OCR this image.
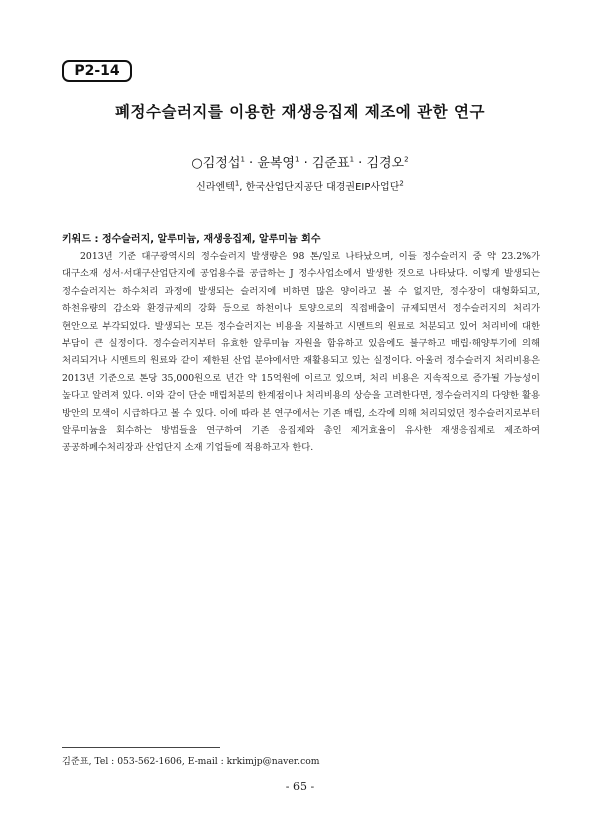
P2-14
폐정수슬러지를 이용한 재생응집제 제조에 관한 연구
○김정섭$^1$ · 윤복영$^1$ · 김준표$^1$ · 김경오$^2$
신라엔텍$^1$, 한국산업단지공단 대경권EIP사업단$^2$
키워드 : 정수슬러지, 알루미늄, 재생응집제, 알루미늄 회수

2013년 기준 대구광역시의 정수슬러지 발생량은 98 톤/일로 나타났으며, 이들 정수슬러지 중 약 23.2%가 대구소재 성서·서대구산업단지에 공업용수를 공급하는 J 정수사업소에서 발생한 것으로 나타났다. 이렇게 발생되는 정수슬러지는 하수처리 과정에 발생되는 슬러지에 비하면 많은 양이라고 볼 수 없지만, 정수장이 대형화되고, 하천유량의 감소와 환경규제의 강화 등으로 하천이나 토양으로의 직접배출이 규제되면서 정수슬러지의 처리가 현안으로 부각되었다. 발생되는 모든 정수슬러지는 비용을 지불하고 시멘트의 원료로 처분되고 있어 처리비에 대한 부담이 큰 실정이다. 정수슬러지부터 유효한 알루미늄 자원을 함유하고 있음에도 불구하고 매립·해양투기에 의해 처리되거나 시멘트의 원료와 같이 제한된 산업 분야에서만 재활용되고 있는 실정이다. 아울러 정수슬러지 처리비용은 2013년 기준으로 톤당 35,000원으로 년간 약 15억원에 이르고 있으며, 처리 비용은 지속적으로 증가될 가능성이 높다고 알려져 있다. 이와 같이 단순 매립처분의 한계점이나 처리비용의 상승을 고려한다면, 정수슬러지의 다양한 활용 방안의 모색이 시급하다고 볼 수 있다. 이에 따라 본 연구에서는 기존 매립, 소각에 의해 처리되었던 정수슬러지로부터 알루미늄을 회수하는 방법들을 연구하여 기존 응집제와 총인 제거효율이 유사한 재생응집제로 제조하여 공공하폐수처리장과 산업단지 소재 기업들에 적용하고자 한다.

김준표, Tel : 053-562-1606, E-mail : krkimjp@naver.com
- 65 -
